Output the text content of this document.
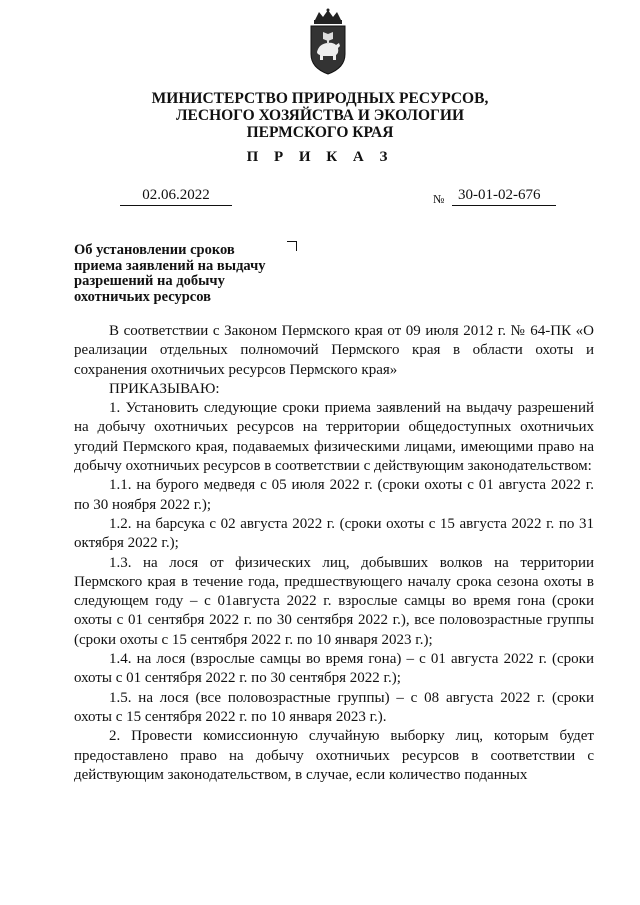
МИНИСТЕРСТВО ПРИРОДНЫХ РЕСУРСОВ,
ЛЕСНОГО ХОЗЯЙСТВА И ЭКОЛОГИИ
ПЕРМСКОГО КРАЯ
П Р И К А З
02.06.2022	№ 30-01-02-676
Об установлении сроков
приема заявлений на выдачу
разрешений на добычу
охотничьих ресурсов

В соответствии с Законом Пермского края от 09 июля 2012 г. № 64-ПК «О реализации отдельных полномочий Пермского края в области охоты и сохранения охотничьих ресурсов Пермского края»

ПРИКАЗЫВАЮ:

1. Установить следующие сроки приема заявлений на выдачу разрешений на добычу охотничьих ресурсов на территории общедоступных охотничьих угодий Пермского края, подаваемых физическими лицами, имеющими право на добычу охотничьих ресурсов в соответствии с действующим законодательством:

1.1. на бурого медведя с 05 июля 2022 г. (сроки охоты с 01 августа 2022 г. по 30 ноября 2022 г.);

1.2. на барсука с 02 августа 2022 г. (сроки охоты с 15 августа 2022 г. по 31 октября 2022 г.);

1.3. на лося от физических лиц, добывших волков на территории Пермского края в течение года, предшествующего началу срока сезона охоты в следующем году – с 01августа 2022 г. взрослые самцы во время гона (сроки охоты с 01 сентября 2022 г. по 30 сентября 2022 г.), все половозрастные группы (сроки охоты с 15 сентября 2022 г. по 10 января 2023 г.);

1.4. на лося (взрослые самцы во время гона) – с 01 августа 2022 г. (сроки охоты с 01 сентября 2022 г. по 30 сентября 2022 г.);

1.5. на лося (все половозрастные группы) – с 08 августа 2022 г. (сроки охоты с 15 сентября 2022 г. по 10 января 2023 г.).

2. Провести комиссионную случайную выборку лиц, которым будет предоставлено право на добычу охотничьих ресурсов в соответствии с действующим законодательством, в случае, если количество поданных
